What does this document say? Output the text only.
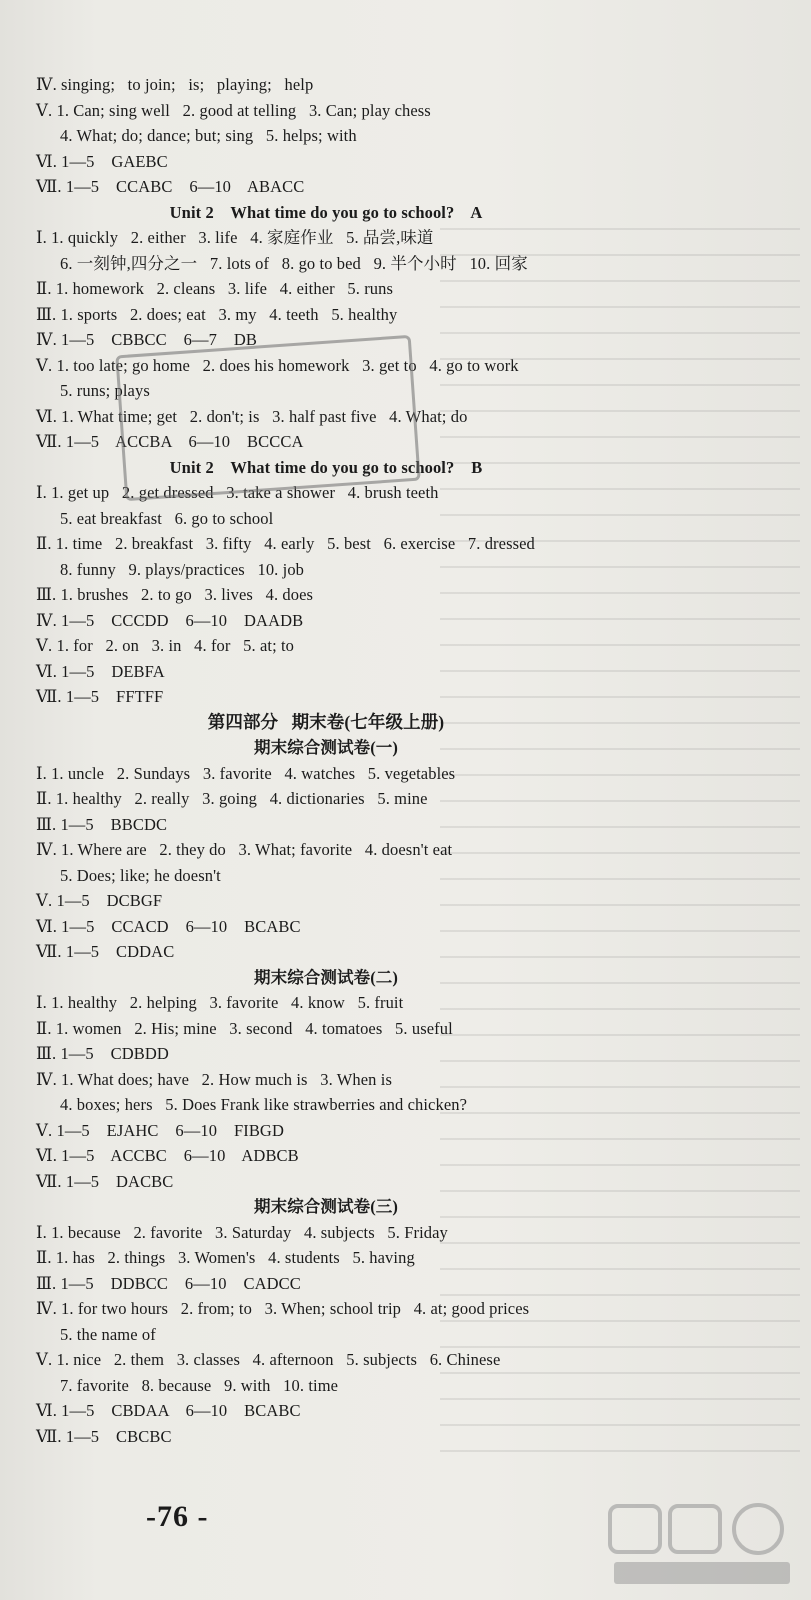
Ⅳ. singing;   to join;   is;   playing;   help
Ⅴ. 1. Can; sing well   2. good at telling   3. Can; play chess
4. What; do; dance; but; sing   5. helps; with
Ⅵ. 1—5    GAEBC
Ⅶ. 1—5    CCABC    6—10    ABACC
Unit 2    What time do you go to school?    A
Ⅰ. 1. quickly   2. either   3. life   4. 家庭作业   5. 品尝,味道
6. 一刻钟,四分之一   7. lots of   8. go to bed   9. 半个小时   10. 回家
Ⅱ. 1. homework   2. cleans   3. life   4. either   5. runs
Ⅲ. 1. sports   2. does; eat   3. my   4. teeth   5. healthy
Ⅳ. 1—5    CBBCC    6—7    DB
Ⅴ. 1. too late; go home   2. does his homework   3. get to   4. go to work
5. runs; plays
Ⅵ. 1. What time; get   2. don't; is   3. half past five   4. What; do
Ⅶ. 1—5    ACCBA    6—10    BCCCA
Unit 2    What time do you go to school?    B
Ⅰ. 1. get up   2. get dressed   3. take a shower   4. brush teeth
5. eat breakfast   6. go to school
Ⅱ. 1. time   2. breakfast   3. fifty   4. early   5. best   6. exercise   7. dressed
8. funny   9. plays/practices   10. job
Ⅲ. 1. brushes   2. to go   3. lives   4. does
Ⅳ. 1—5    CCCDD    6—10    DAADB
Ⅴ. 1. for   2. on   3. in   4. for   5. at; to
Ⅵ. 1—5    DEBFA
Ⅶ. 1—5    FFTFF
第四部分   期末卷(七年级上册)
期末综合测试卷(一)
Ⅰ. 1. uncle   2. Sundays   3. favorite   4. watches   5. vegetables
Ⅱ. 1. healthy   2. really   3. going   4. dictionaries   5. mine
Ⅲ. 1—5    BBCDC
Ⅳ. 1. Where are   2. they do   3. What; favorite   4. doesn't eat
5. Does; like; he doesn't
Ⅴ. 1—5    DCBGF
Ⅵ. 1—5    CCACD    6—10    BCABC
Ⅶ. 1—5    CDDAC
期末综合测试卷(二)
Ⅰ. 1. healthy   2. helping   3. favorite   4. know   5. fruit
Ⅱ. 1. women   2. His; mine   3. second   4. tomatoes   5. useful
Ⅲ. 1—5    CDBDD
Ⅳ. 1. What does; have   2. How much is   3. When is
4. boxes; hers   5. Does Frank like strawberries and chicken?
Ⅴ. 1—5    EJAHC    6—10    FIBGD
Ⅵ. 1—5    ACCBC    6—10    ADBCB
Ⅶ. 1—5    DACBC
期末综合测试卷(三)
Ⅰ. 1. because   2. favorite   3. Saturday   4. subjects   5. Friday
Ⅱ. 1. has   2. things   3. Women's   4. students   5. having
Ⅲ. 1—5    DDBCC    6—10    CADCC
Ⅳ. 1. for two hours   2. from; to   3. When; school trip   4. at; good prices
5. the name of
Ⅴ. 1. nice   2. them   3. classes   4. afternoon   5. subjects   6. Chinese
7. favorite   8. because   9. with   10. time
Ⅵ. 1—5    CBDAA    6—10    BCABC
Ⅶ. 1—5    CBCBC
-76 -
